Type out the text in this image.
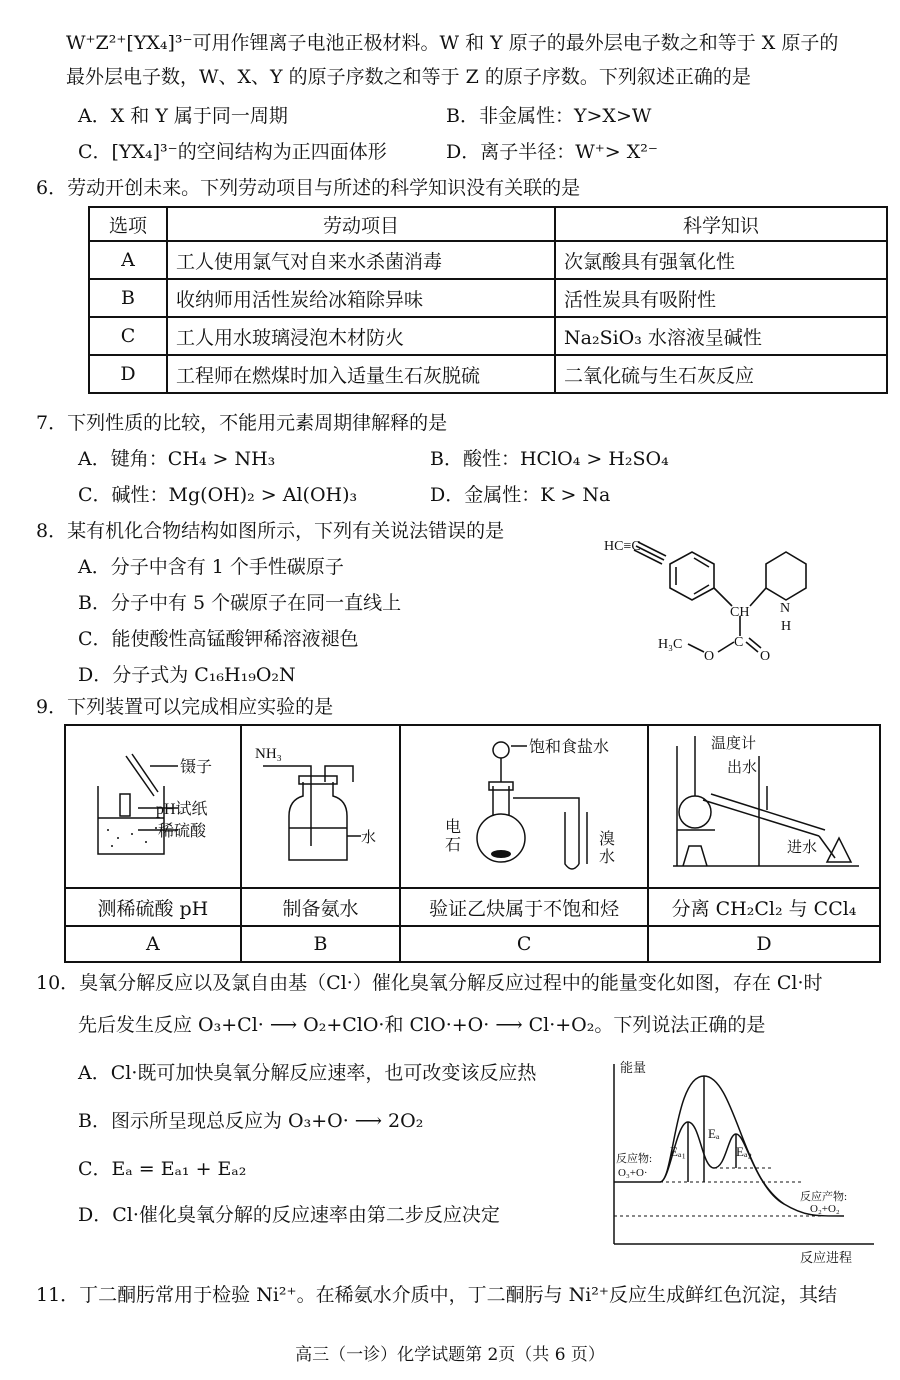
W⁺Z²⁺[YX₄]³⁻可用作锂离子电池正极材料。W 和 Y 原子的最外层电子数之和等于 X 原子的
最外层电子数，W、X、Y 的原子序数之和等于 Z 的原子序数。下列叙述正确的是
A．X 和 Y 属于同一周期	B．非金属性：Y>X>W
C．[YX₄]³⁻的空间结构为正四面体形	D．离子半径：W⁺> X²⁻
6．劳动开创未来。下列劳动项目与所述的科学知识没有关联的是
选项	劳动项目	科学知识
A	工人使用氯气对自来水杀菌消毒	次氯酸具有强氧化性
B	收纳师用活性炭给冰箱除异味	活性炭具有吸附性
C	工人用水玻璃浸泡木材防火	Na₂SiO₃ 水溶液呈碱性
D	工程师在燃煤时加入适量生石灰脱硫	二氧化硫与生石灰反应
7．下列性质的比较，不能用元素周期律解释的是
A．键角：CH₄ > NH₃	B．酸性：HClO₄ > H₂SO₄
C．碱性：Mg(OH)₂ > Al(OH)₃	D．金属性：K > Na
8．某有机化合物结构如图所示，下列有关说法错误的是
A．分子中含有 1 个手性碳原子
B．分子中有 5 个碳原子在同一直线上
C．能使酸性高锰酸钾稀溶液褪色
D．分子式为 C₁₆H₁₉O₂N
HC≡C
CH N
H
H₃C
O
C
O
9．下列装置可以完成相应实验的是
镊子
pH试纸
稀硫酸	NH₃
水	饱和食盐水
电
石 溴
水	温度计
出水
进水

测稀硫酸 pH	制备氨水	验证乙炔属于不饱和烃	分离 CH₂Cl₂ 与 CCl₄
A	B	C	D
10．臭氧分解反应以及氯自由基（Cl·）催化臭氧分解反应过程中的能量变化如图，存在 Cl·时
先后发生反应 O₃+Cl· ⟶ O₂+ClO·和 ClO·+O· ⟶ Cl·+O₂。下列说法正确的是
A．Cl·既可加快臭氧分解反应速率，也可改变该反应热
B．图示所呈现总反应为 O₃+O· ⟶ 2O₂
C．Eₐ = Eₐ₁ + Eₐ₂
D．Cl·催化臭氧分解的反应速率由第二步反应决定
能量
反应进程
反应物:
O₃+O·
反应产物:
O₂+O₂
Eₐ
Eₐ₁	Eₐ₂
11．丁二酮肟常用于检验 Ni²⁺。在稀氨水介质中，丁二酮肟与 Ni²⁺反应生成鲜红色沉淀，其结
高三（一诊）化学试题第 2页（共 6 页）
